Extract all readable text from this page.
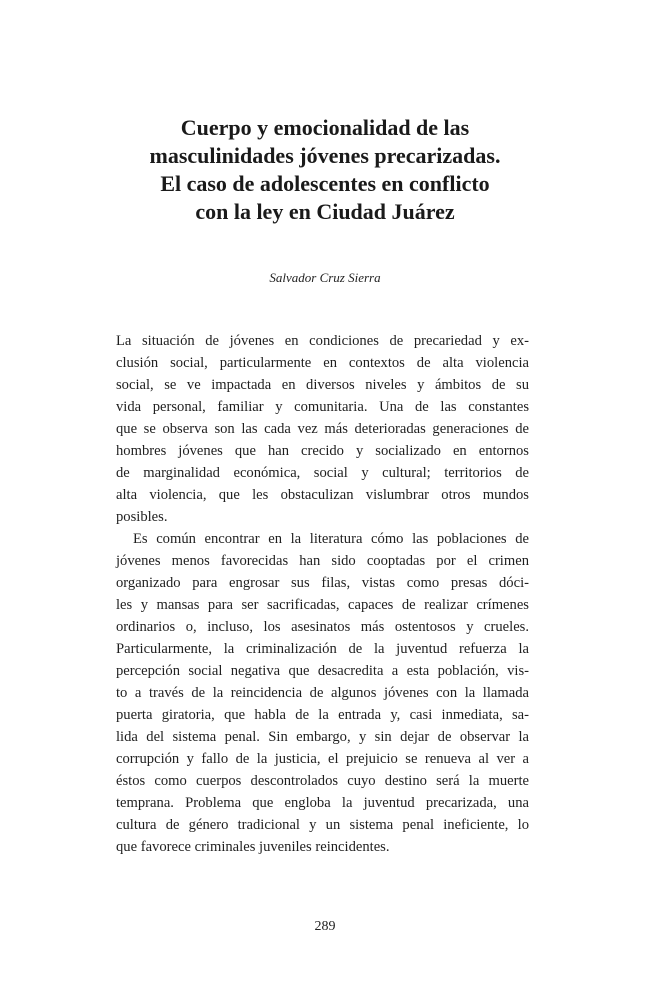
Cuerpo y emocionalidad de las
masculinidades jóvenes precarizadas.
El caso de adolescentes en conflicto
con la ley en Ciudad Juárez
Salvador Cruz Sierra
La situación de jóvenes en condiciones de precariedad y ex-
clusión social, particularmente en contextos de alta violencia
social, se ve impactada en diversos niveles y ámbitos de su
vida personal, familiar y comunitaria. Una de las constantes
que se observa son las cada vez más deterioradas generaciones de
hombres jóvenes que han crecido y socializado en entornos
de marginalidad económica, social y cultural; territorios de
alta violencia, que les obstaculizan vislumbrar otros mundos
posibles.
Es común encontrar en la literatura cómo las poblaciones de
jóvenes menos favorecidas han sido cooptadas por el crimen
organizado para engrosar sus filas, vistas como presas dóci-
les y mansas para ser sacrificadas, capaces de realizar crímenes
ordinarios o, incluso, los asesinatos más ostentosos y crueles.
Particularmente, la criminalización de la juventud refuerza la
percepción social negativa que desacredita a esta población, vis-
to a través de la reincidencia de algunos jóvenes con la llamada
puerta giratoria, que habla de la entrada y, casi inmediata, sa-
lida del sistema penal. Sin embargo, y sin dejar de observar la
corrupción y fallo de la justicia, el prejuicio se renueva al ver a
éstos como cuerpos descontrolados cuyo destino será la muerte
temprana. Problema que engloba la juventud precarizada, una
cultura de género tradicional y un sistema penal ineficiente, lo
que favorece criminales juveniles reincidentes.
289
